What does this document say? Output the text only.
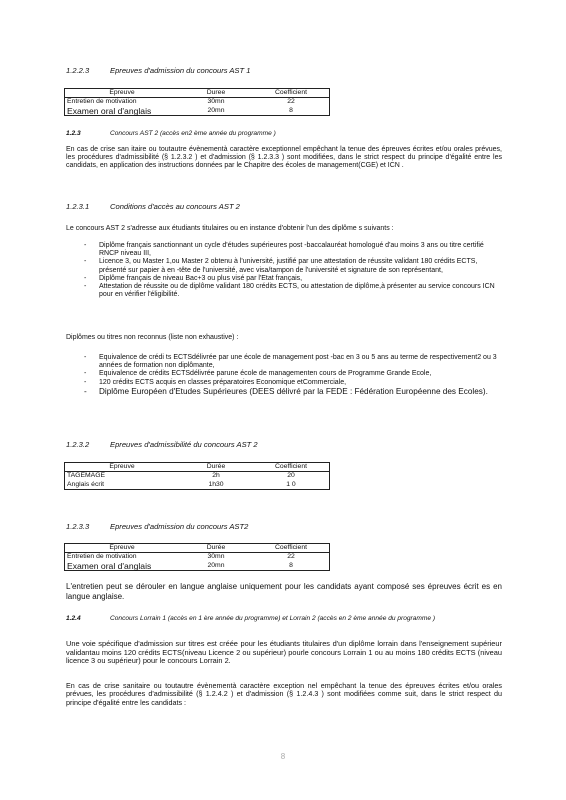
1.2.2.3	Epreuves d'admission du concours AST 1
Epreuve	Duree	Coefficient
Entretien de motivation	30mn	22
Examen oral d'anglais	20mn	8
1.2.3	Concours AST 2 (accès en2 ème année du programme )
En cas de crise san itaire ou toutautre évènementà caractère exceptionnel empêchant la tenue des épreuves écrites et/ou orales prévues, les procédures d'admissibilité (§ 1.2.3.2 ) et d'admission (§ 1.2.3.3 ) sont modifiées, dans le strict respect du principe d'égalité entre les candidats, en application des instructions données par le Chapitre des écoles de management(CGE) et ICN .
1.2.3.1	Conditions d'accès au concours AST 2
Le concours AST 2 s'adresse aux étudiants titulaires ou en instance d'obtenir l'un des diplôme s suivants :
- Diplôme français sanctionnant un cycle d'études supérieures post -baccalauréat homologué d'au moins 3 ans ou titre certifié RNCP niveau III,
- Licence 3, ou Master 1,ou Master 2 obtenu à l'université, justifié par une attestation de réussite validant 180 crédits ECTS, présenté sur papier à en -tête de l'université, avec visa/tampon de l'université et signature de son représentant,
- Diplôme français de niveau Bac+3 ou plus visé par l'Etat français,
- Attestation de réussite ou de diplôme validant 180 crédits ECTS, ou attestation de diplôme,à présenter au service concours ICN pour en vérifier l'éligibilité.
Diplômes ou titres non reconnus (liste non exhaustive) :
- Equivalence de crédi ts ECTSdélivrée par une école de management post -bac en 3 ou 5 ans au terme de respectivement2 ou 3 années de formation non diplômante,
- Equivalence de crédits ECTSdélivrée parune école de managementen cours de Programme Grande Ecole,
- 120 crédits ECTS acquis en classes préparatoires Economique etCommerciale,
- Diplôme Européen d'Etudes Supérieures (DEES délivré par la FEDE : Fédération Européenne des Ecoles).
1.2.3.2	Epreuves d'admissibilité du concours AST 2
Epreuve	Durée	Coefficient
TAGEMAGE	2h	20
Anglais écrit	1h30	1 0
1.2.3.3	Epreuves d'admission du concours AST2
Epreuve	Durée	Coefficient
Entretien de motivation	30mn	22
Examen oral d'anglais	20mn	8
L'entretien peut se dérouler en langue anglaise uniquement pour les candidats ayant composé ses épreuves écrit es en langue anglaise.
1.2.4	Concours Lorrain 1 (accès en 1 ère année du programme) et Lorrain 2 (accès en 2 ème année du programme )
Une voie spécifique d'admission sur titres est créée pour les étudiants titulaires d'un diplôme lorrain dans l'enseignement supérieur validantau moins 120 crédits ECTS(niveau Licence 2 ou supérieur) pourle concours Lorrain 1 ou au moins 180 crédits ECTS (niveau licence 3 ou supérieur) pour le concours Lorrain 2.
En cas de crise sanitaire ou toutautre évènementà caractère exception nel empêchant la tenue des épreuves écrites et/ou orales prévues, les procédures d'admissibilité (§ 1.2.4.2 ) et d'admission (§ 1.2.4.3 ) sont modifiées comme suit, dans le strict respect du principe d'égalité entre les candidats :
8
